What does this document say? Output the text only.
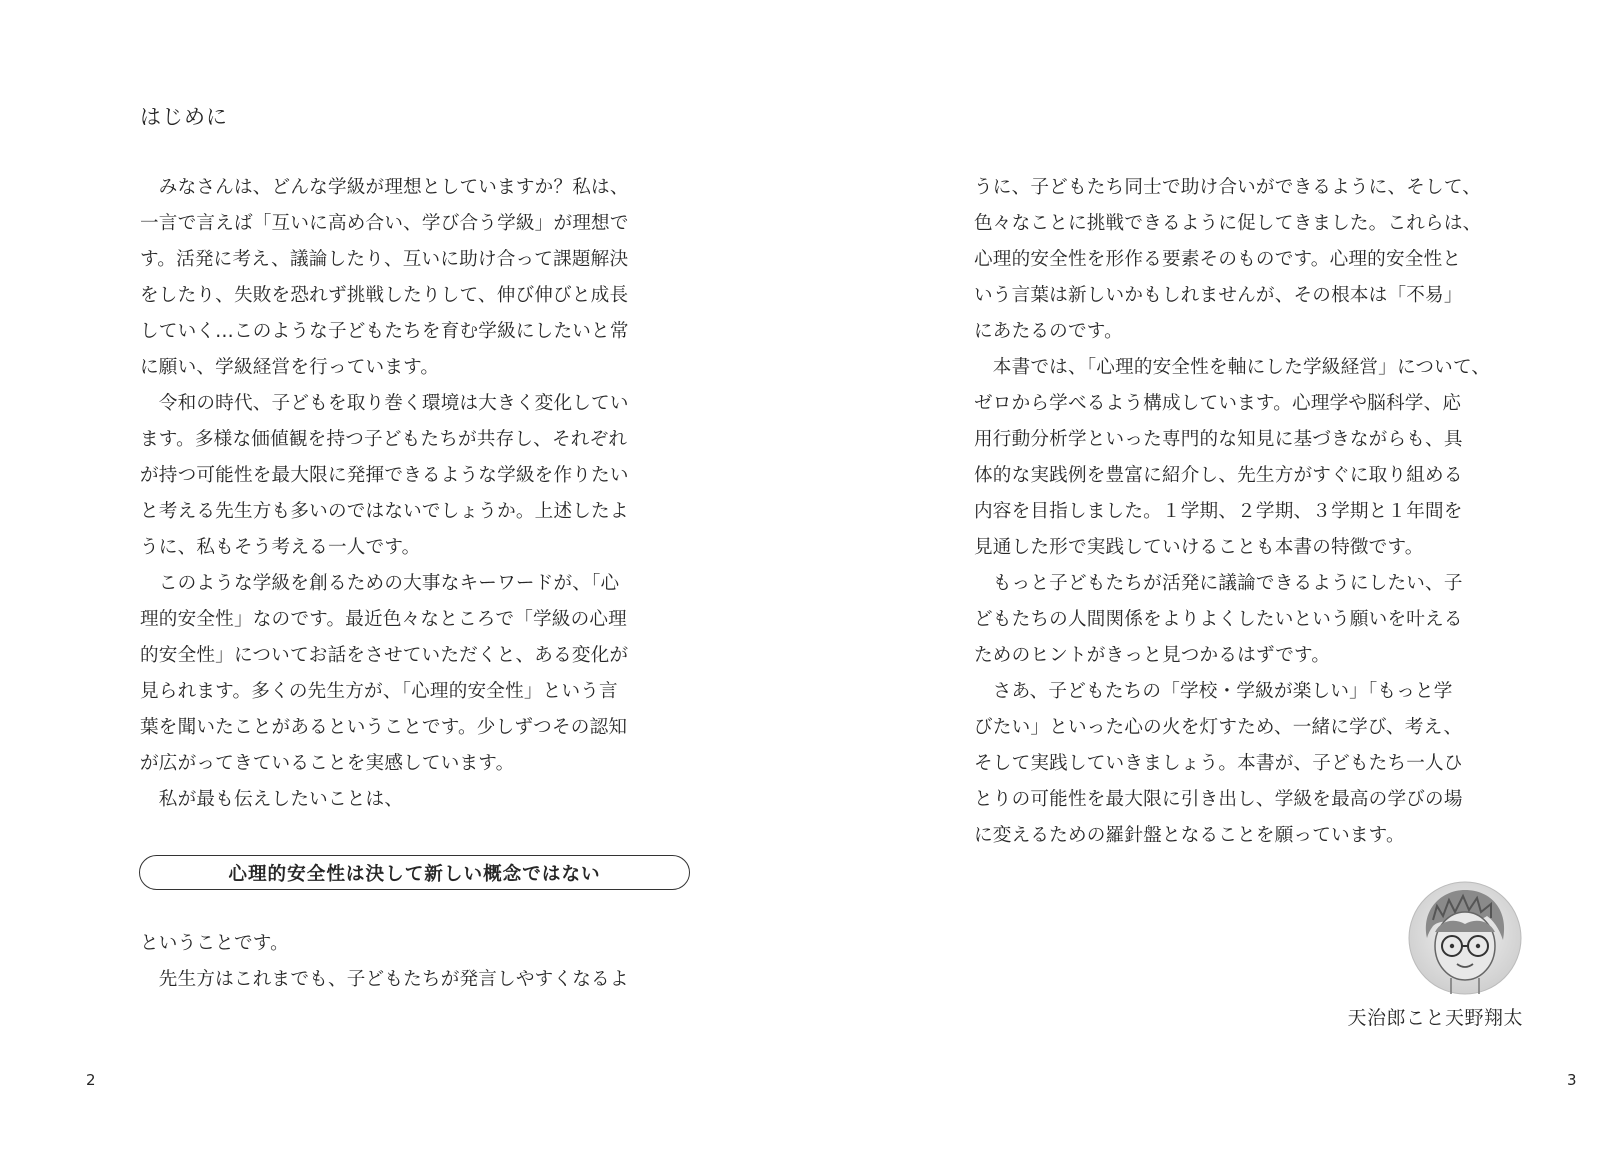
はじめに
　みなさんは、どんな学級が理想としていますか？私は、
一言で言えば「互いに高め合い、学び合う学級」が理想で
す。活発に考え、議論したり、互いに助け合って課題解決
をしたり、失敗を恐れず挑戦したりして、伸び伸びと成長
していく…このような子どもたちを育む学級にしたいと常
に願い、学級経営を行っています。
　令和の時代、子どもを取り巻く環境は大きく変化してい
ます。多様な価値観を持つ子どもたちが共存し、それぞれ
が持つ可能性を最大限に発揮できるような学級を作りたい
と考える先生方も多いのではないでしょうか。上述したよ
うに、私もそう考える一人です。
　このような学級を創るための大事なキーワードが、「心
理的安全性」なのです。最近色々なところで「学級の心理
的安全性」についてお話をさせていただくと、ある変化が
見られます。多くの先生方が、「心理的安全性」という言
葉を聞いたことがあるということです。少しずつその認知
が広がってきていることを実感しています。
　私が最も伝えしたいことは、
心理的安全性は決して新しい概念ではない
ということです。
　先生方はこれまでも、子どもたちが発言しやすくなるよ
2
うに、子どもたち同士で助け合いができるように、そして、
色々なことに挑戦できるように促してきました。これらは、
心理的安全性を形作る要素そのものです。心理的安全性と
いう言葉は新しいかもしれませんが、その根本は「不易」
にあたるのです。
　本書では、「心理的安全性を軸にした学級経営」について、
ゼロから学べるよう構成しています。心理学や脳科学、応
用行動分析学といった専門的な知見に基づきながらも、具
体的な実践例を豊富に紹介し、先生方がすぐに取り組める
内容を目指しました。１学期、２学期、３学期と１年間を
見通した形で実践していけることも本書の特徴です。
　もっと子どもたちが活発に議論できるようにしたい、子
どもたちの人間関係をよりよくしたいという願いを叶える
ためのヒントがきっと見つかるはずです。
　さあ、子どもたちの「学校・学級が楽しい」「もっと学
びたい」といった心の火を灯すため、一緒に学び、考え、
そして実践していきましょう。本書が、子どもたち一人ひ
とりの可能性を最大限に引き出し、学級を最高の学びの場
に変えるための羅針盤となることを願っています。
3
天治郎こと天野翔太
